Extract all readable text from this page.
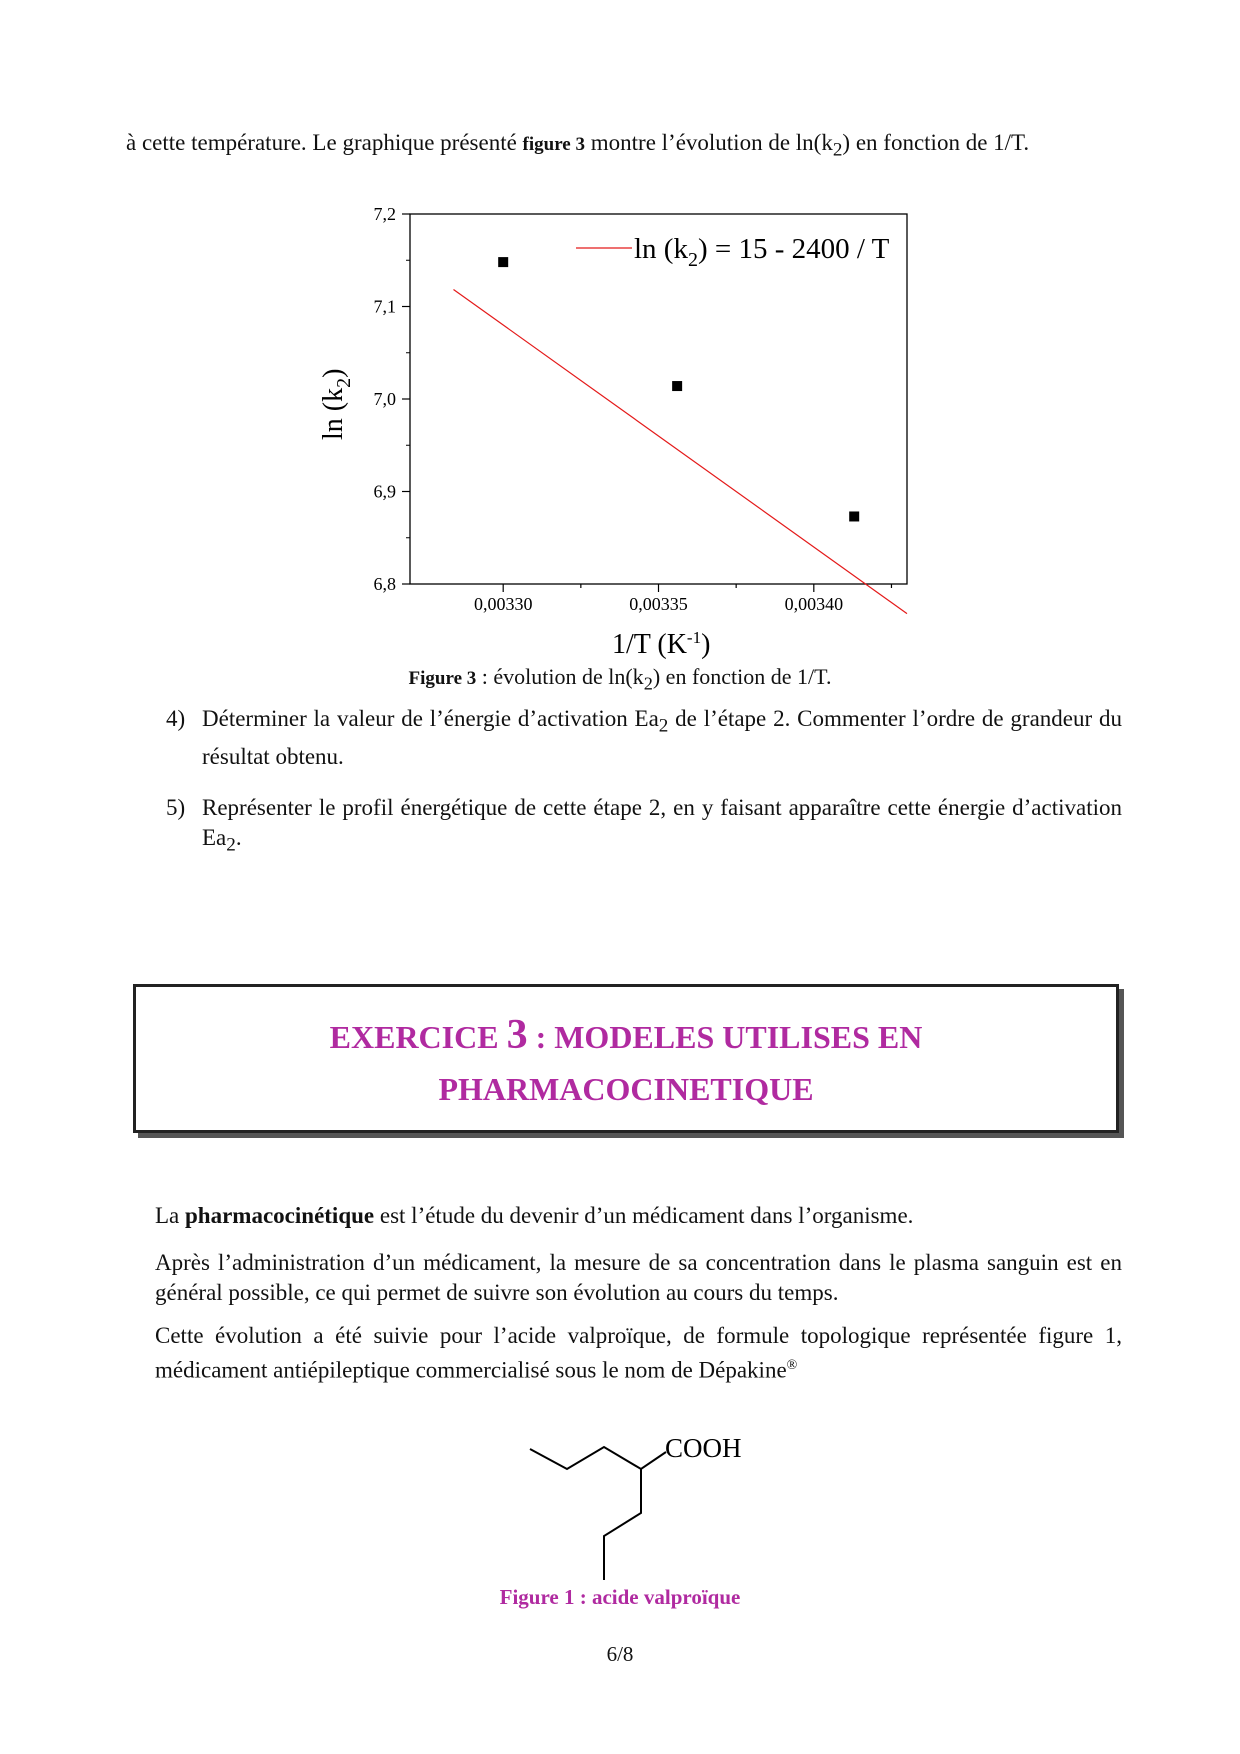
à cette température. Le graphique présenté figure 3 montre l’évolution de $\ln(k_2)$ en fonction de 1/T.

6,8
6,9
7,0
7,1
7,2
0,00330	0,00335	0,00340
$\ln (k_2) = 15 - 2400 / T$
1/T $(K^{-1})$
$\ln (k_2)$
Figure 3 : évolution de $\ln(k_2)$ en fonction de 1/T.
4) Déterminer la valeur de l’énergie d’activation $Ea_2$ de l’étape 2. Commenter l’ordre de grandeur du résultat obtenu.
5) Représenter le profil énergétique de cette étape 2, en y faisant apparaître cette énergie d’activation $Ea_2$.
EXERCICE 3 : MODELES UTILISES EN
PHARMACOCINETIQUE

La pharmacocinétique est l’étude du devenir d’un médicament dans l’organisme.

Après l’administration d’un médicament, la mesure de sa concentration dans le plasma sanguin est en général possible, ce qui permet de suivre son évolution au cours du temps.

Cette évolution a été suivie pour l’acide valproïque, de formule topologique représentée figure 1, médicament antiépileptique commercialisé sous le nom de Dépakine®

COOH
Figure 1 : acide valproïque
6/8
